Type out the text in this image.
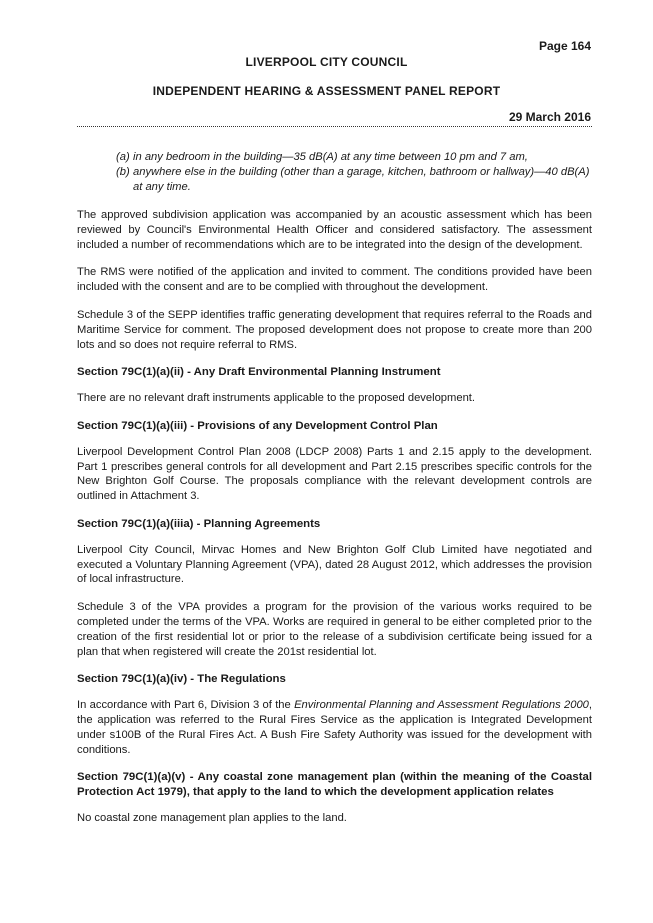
Page 164
LIVERPOOL CITY COUNCIL
INDEPENDENT HEARING & ASSESSMENT PANEL REPORT
29 March 2016
(a) in any bedroom in the building—35 dB(A) at any time between 10 pm and 7 am,
(b) anywhere else in the building (other than a garage, kitchen, bathroom or hallway)—40 dB(A) at any time.

The approved subdivision application was accompanied by an acoustic assessment which has been reviewed by Council's Environmental Health Officer and considered satisfactory. The assessment included a number of recommendations which are to be integrated into the design of the development.

The RMS were notified of the application and invited to comment. The conditions provided have been included with the consent and are to be complied with throughout the development.

Schedule 3 of the SEPP identifies traffic generating development that requires referral to the Roads and Maritime Service for comment. The proposed development does not propose to create more than 200 lots and so does not require referral to RMS.

Section 79C(1)(a)(ii) - Any Draft Environmental Planning Instrument

There are no relevant draft instruments applicable to the proposed development.

Section 79C(1)(a)(iii) - Provisions of any Development Control Plan

Liverpool Development Control Plan 2008 (LDCP 2008) Parts 1 and 2.15 apply to the development. Part 1 prescribes general controls for all development and Part 2.15 prescribes specific controls for the New Brighton Golf Course. The proposals compliance with the relevant development controls are outlined in Attachment 3.

Section 79C(1)(a)(iiia) - Planning Agreements

Liverpool City Council, Mirvac Homes and New Brighton Golf Club Limited have negotiated and executed a Voluntary Planning Agreement (VPA), dated 28 August 2012, which addresses the provision of local infrastructure.

Schedule 3 of the VPA provides a program for the provision of the various works required to be completed under the terms of the VPA. Works are required in general to be either completed prior to the creation of the first residential lot or prior to the release of a subdivision certificate being issued for a plan that when registered will create the 201st residential lot.

Section 79C(1)(a)(iv) - The Regulations

In accordance with Part 6, Division 3 of the Environmental Planning and Assessment Regulations 2000, the application was referred to the Rural Fires Service as the application is Integrated Development under s100B of the Rural Fires Act. A Bush Fire Safety Authority was issued for the development with conditions.

Section 79C(1)(a)(v) - Any coastal zone management plan (within the meaning of the Coastal Protection Act 1979), that apply to the land to which the development application relates

No coastal zone management plan applies to the land.
